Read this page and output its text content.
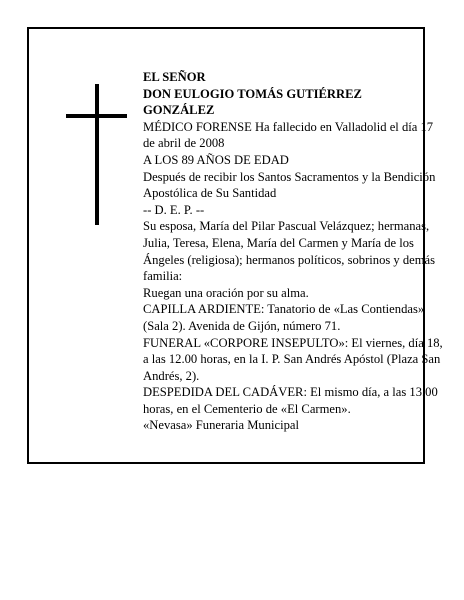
EL SEÑOR

DON EULOGIO TOMÁS GUTIÉRREZ

GONZÁLEZ

MÉDICO FORENSE Ha fallecido en Valladolid el día 17 de abril de 2008

A LOS 89 AÑOS DE EDAD

Después de recibir los Santos Sacramentos y la Bendición Apostólica de Su Santidad

-- D. E. P. --

Su esposa, María del Pilar Pascual Velázquez; hermanas, Julia, Teresa, Elena, María del Carmen y María de los Ángeles (religiosa); hermanos políticos, sobrinos y demás familia:

Ruegan una oración por su alma.

CAPILLA ARDIENTE: Tanatorio de «Las Contiendas» (Sala 2). Avenida de Gijón, número 71.

FUNERAL «CORPORE INSEPULTO»: El viernes, día 18, a las 12.00 horas, en la I. P. San Andrés Apóstol (Plaza San Andrés, 2).

DESPEDIDA DEL CADÁVER: El mismo día, a las 13.00 horas, en el Cementerio de «El Carmen».

«Nevasa» Funeraria Municipal
